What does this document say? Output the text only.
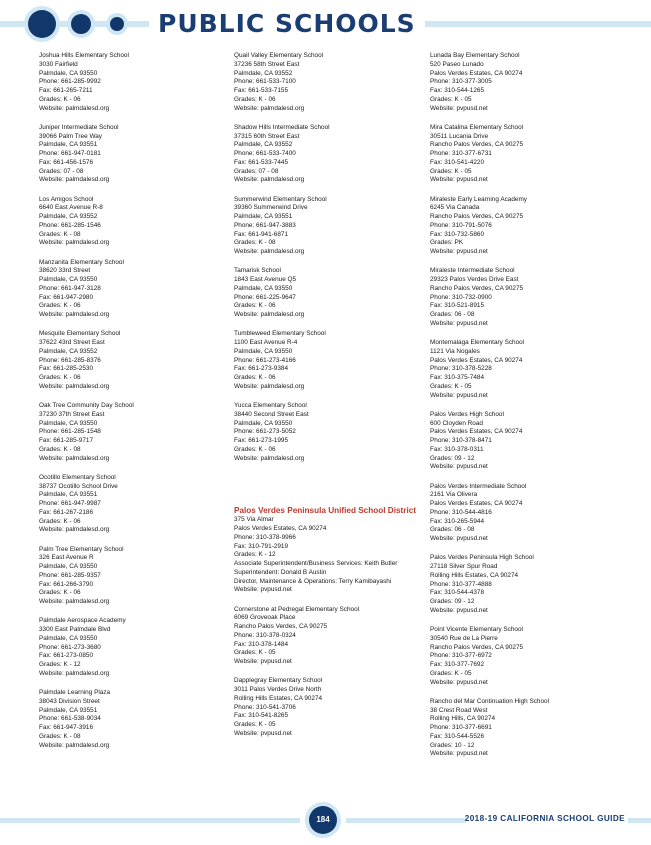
PUBLIC SCHOOLS
Joshua Hills Elementary School
3030 Fairfield
Palmdale, CA 93550
Phone: 661-285-9992
Fax: 661-265-7211
Grades: K - 06
Website: palmdalesd.org
Juniper Intermediate School
39066 Palm Tree Way
Palmdale, CA 93551
Phone: 661-947-0181
Fax: 661-456-1576
Grades: 07 - 08
Website: palmdalesd.org
Los Amigos School
6640 East Avenue R-8
Palmdale, CA 93552
Phone: 661-285-1546
Grades: K - 08
Website: palmdalesd.org
Manzanita Elementary School
38620 33rd Street
Palmdale, CA 93550
Phone: 661-947-3128
Fax: 661-947-2980
Grades: K - 06
Website: palmdalesd.org
Mesquite Elementary School
37622 43rd Street East
Palmdale, CA 93552
Phone: 661-285-8376
Fax: 661-285-2530
Grades: K - 06
Website: palmdalesd.org
Oak Tree Community Day School
37230 37th Street East
Palmdale, CA 93550
Phone: 661-285-1548
Fax: 661-285-9717
Grades: K - 08
Website: palmdalesd.org
Ocotillo Elementary School
38737 Ocotillo School Drive
Palmdale, CA 93551
Phone: 661-947-9987
Fax: 661-267-2186
Grades: K - 06
Website: palmdalesd.org
Palm Tree Elementary School
326 East Avenue R
Palmdale, CA 93550
Phone: 661-285-9357
Fax: 661-266-3790
Grades: K - 06
Website: palmdalesd.org
Palmdale Aerospace Academy
3300 East Palmdale Blvd
Palmdale, CA 93550
Phone: 661-273-3680
Fax: 661-273-0850
Grades: K - 12
Website: palmdalesd.org
Palmdale Learning Plaza
38043 Division Street
Palmdale, CA 93551
Phone: 661-538-9034
Fax: 661-947-3916
Grades: K - 08
Website: palmdalesd.org
Quail Valley Elementary School
37236 58th Street East
Palmdale, CA 93552
Phone: 661-533-7100
Fax: 661-533-7155
Grades: K - 06
Website: palmdalesd.org
Shadow Hills Intermediate School
37315 60th Street East
Palmdale, CA 93552
Phone: 661-533-7400
Fax: 661-533-7445
Grades: 07 - 08
Website: palmdalesd.org
Summerwind Elementary School
39360 Summerwind Drive
Palmdale, CA 93551
Phone: 661-947-3883
Fax: 661-941-6871
Grades: K - 08
Website: palmdalesd.org
Tamarisk School
1843 East Avenue Q5
Palmdale, CA 93550
Phone: 661-225-9647
Grades: K - 06
Website: palmdalesd.org
Tumbleweed Elementary School
1100 East Avenue R-4
Palmdale, CA 93550
Phone: 661-273-4166
Fax: 661-273-9384
Grades: K - 06
Website: palmdalesd.org
Yucca Elementary School
38440 Second Street East
Palmdale, CA 93550
Phone: 661-273-5052
Fax: 661-273-1995
Grades: K - 06
Website: palmdalesd.org
Palos Verdes Peninsula Unified School District
375 Via Almar
Palos Verdes Estates, CA 90274
Phone: 310-378-9966
Fax: 310-791-2919
Grades: K - 12
Associate Superintendent/Business Services: Keith Butler
Superintendent: Donald B Austin
Director, Maintenance & Operations: Terry Kamibayashi
Website: pvpusd.net
Cornerstone at Pedregal Elementary School
6069 Groveoak Place
Rancho Palos Verdes, CA 90275
Phone: 310-378-0324
Fax: 310-378-1484
Grades: K - 05
Website: pvpusd.net
Dapplegray Elementary School
3011 Palos Verdes Drive North
Rolling Hills Estates, CA 90274
Phone: 310-541-3706
Fax: 310-541-8265
Grades: K - 05
Website: pvpusd.net
Lunada Bay Elementary School
520 Paseo Lunado
Palos Verdes Estates, CA 90274
Phone: 310-377-3005
Fax: 310-544-1265
Grades: K - 05
Website: pvpusd.net
Mira Catalina Elementary School
30511 Lucania Drive
Rancho Palos Verdes, CA 90275
Phone: 310-377-6731
Fax: 310-541-4220
Grades: K - 05
Website: pvpusd.net
Miraleste Early Learning Academy
6245 Via Canada
Rancho Palos Verdes, CA 90275
Phone: 310-791-5076
Fax: 310-732-5860
Grades: PK
Website: pvpusd.net
Miraleste Intermediate School
29323 Palos Verdes Drive East
Rancho Palos Verdes, CA 90275
Phone: 310-732-0900
Fax: 310-521-8915
Grades: 06 - 08
Website: pvpusd.net
Montemalaga Elementary School
1121 Via Nogales
Palos Verdes Estates, CA 90274
Phone: 310-378-5228
Fax: 310-375-7484
Grades: K - 05
Website: pvpusd.net
Palos Verdes High School
600 Cloyden Road
Palos Verdes Estates, CA 90274
Phone: 310-378-8471
Fax: 310-378-0311
Grades: 09 - 12
Website: pvpusd.net
Palos Verdes Intermediate School
2161 Via Olivera
Palos Verdes Estates, CA 90274
Phone: 310-544-4816
Fax: 310-265-5944
Grades: 06 - 08
Website: pvpusd.net
Palos Verdes Peninsula High School
27118 Silver Spur Road
Rolling Hills Estates, CA 90274
Phone: 310-377-4888
Fax: 310-544-4378
Grades: 09 - 12
Website: pvpusd.net
Point Vicente Elementary School
30540 Rue de La Pierre
Rancho Palos Verdes, CA 90275
Phone: 310-377-6972
Fax: 310-377-7692
Grades: K - 05
Website: pvpusd.net
Rancho del Mar Continuation High School
38 Crest Road West
Rolling Hills, CA 90274
Phone: 310-377-6691
Fax: 310-544-5526
Grades: 10 - 12
Website: pvpusd.net
184	2018-19 CALIFORNIA SCHOOL GUIDE
